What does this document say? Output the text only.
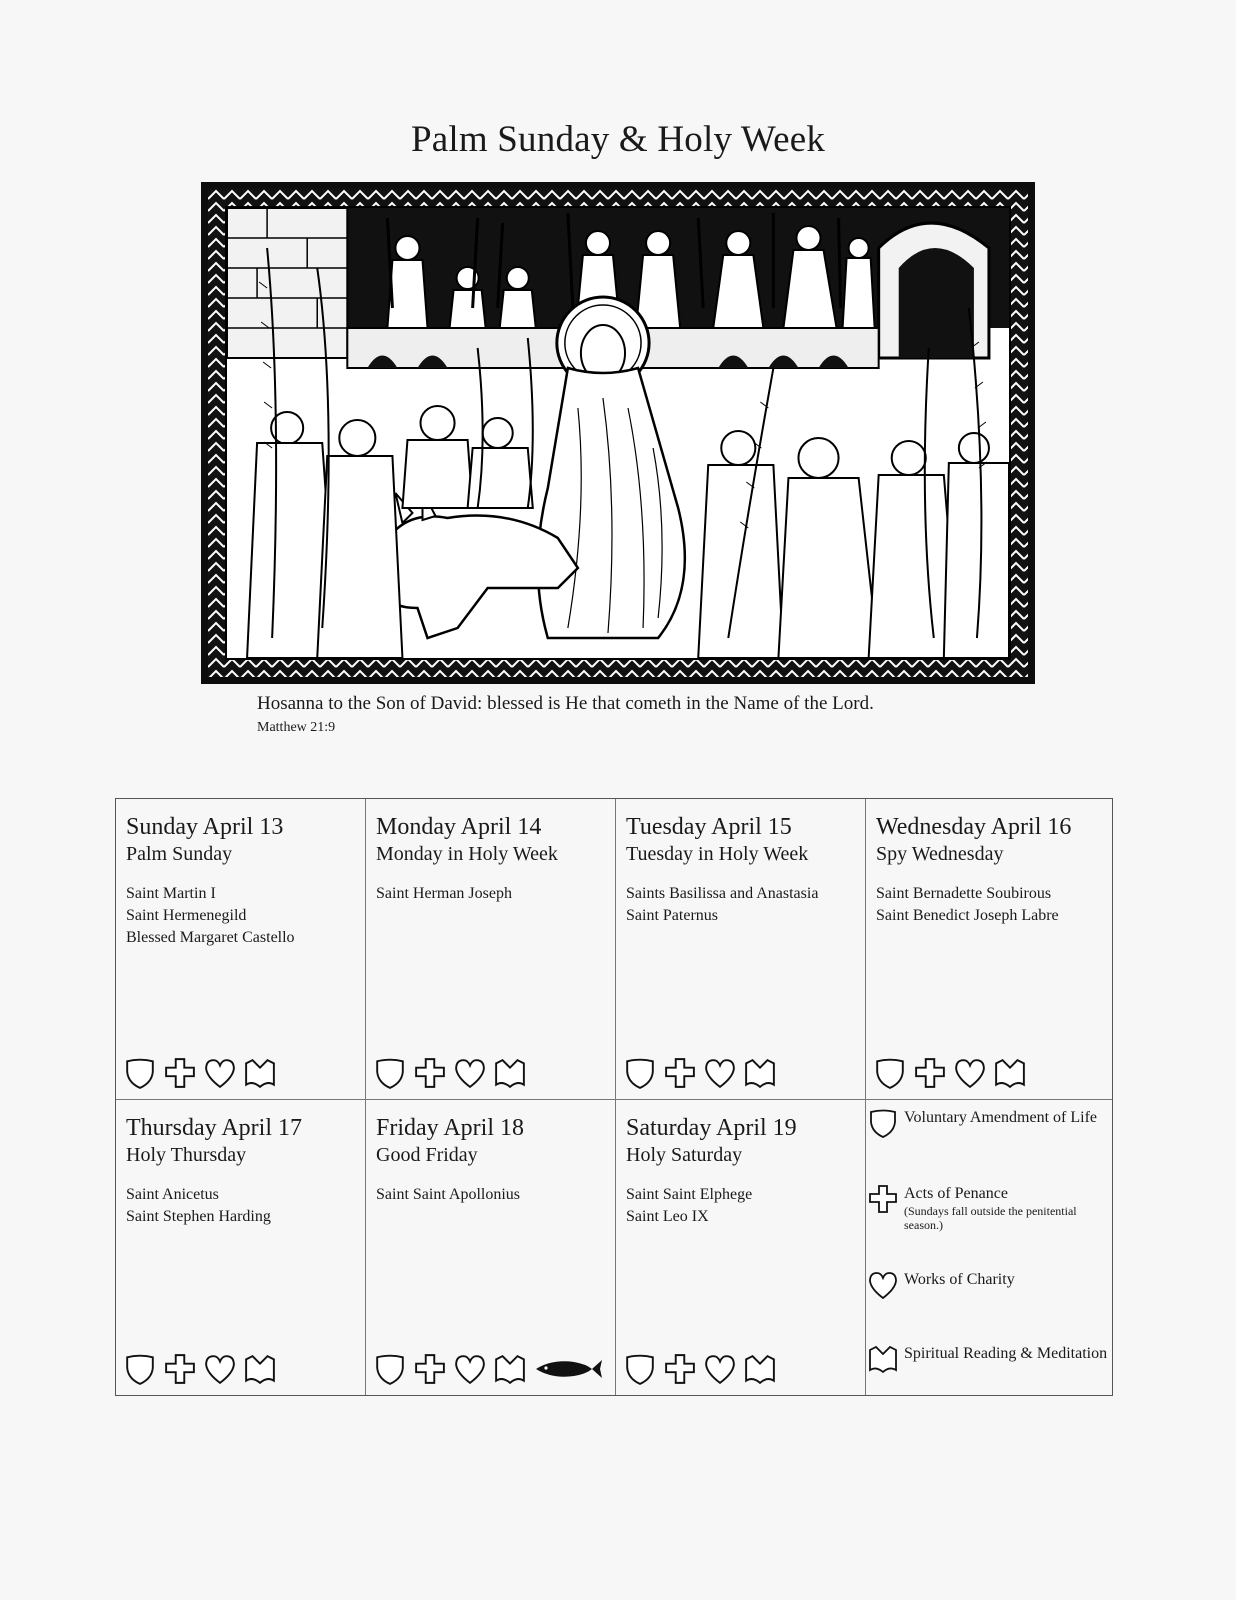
Palm Sunday & Holy Week
Hosanna to the Son of David: blessed is He that cometh in the Name of the Lord.
Matthew 21:9
Sunday April 13
Palm Sunday
Saint Martin I
Saint Hermenegild
Blessed Margaret Castello
Monday April 14
Monday in Holy Week
Saint Herman Joseph
Tuesday April 15
Tuesday in Holy Week
Saints Basilissa and Anastasia
Saint Paternus
Wednesday April 16
Spy Wednesday
Saint Bernadette Soubirous
Saint Benedict Joseph Labre
Thursday April 17
Holy Thursday
Saint Anicetus
Saint Stephen Harding
Friday April 18
Good Friday
Saint Saint Apollonius
Saturday April 19
Holy Saturday
Saint Saint Elphege
Saint Leo IX
Voluntary Amendment of Life
Acts of Penance
(Sundays fall outside the penitential season.)
Works of Charity
Spiritual Reading & Meditation
